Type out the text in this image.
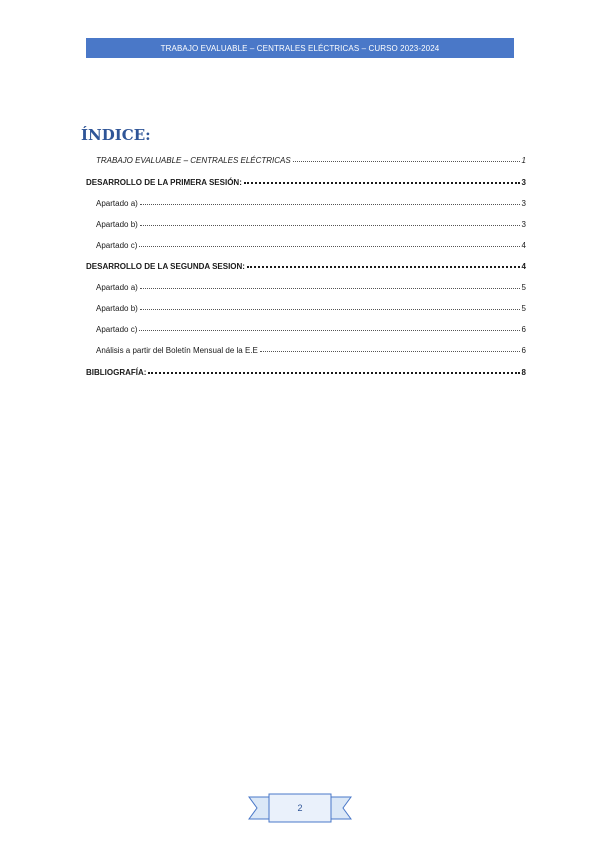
TRABAJO EVALUABLE – CENTRALES ELÉCTRICAS – CURSO 2023-2024
ÍNDICE:
TRABAJO EVALUABLE – CENTRALES ELÉCTRICAS	1
DESARROLLO DE LA PRIMERA SESIÓN:	3
Apartado a)	3
Apartado b)	3
Apartado c)	4
DESARROLLO DE LA SEGUNDA SESION:	4
Apartado a)	5
Apartado b)	5
Apartado c)	6
Análisis a partir del Boletín Mensual de la E.E	6
BIBLIOGRAFÍA:	8
2
